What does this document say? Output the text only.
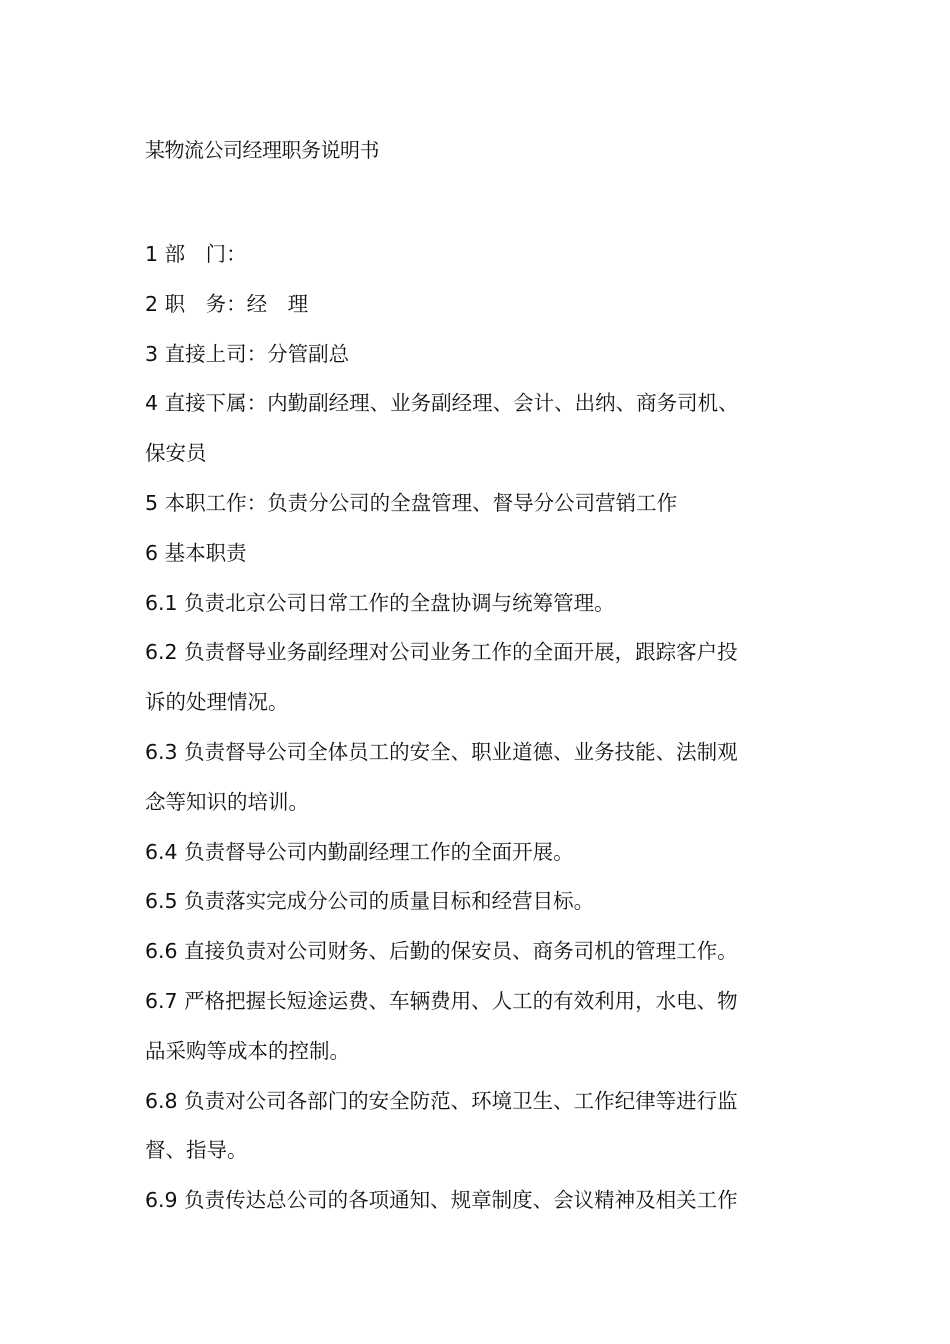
某物流公司经理职务说明书
1 部　门：
2 职　务：经　理
3 直接上司：分管副总
4 直接下属：内勤副经理、业务副经理、会计、出纳、商务司机、
保安员
5 本职工作：负责分公司的全盘管理、督导分公司营销工作
6 基本职责
6.1 负责北京公司日常工作的全盘协调与统筹管理。
6.2 负责督导业务副经理对公司业务工作的全面开展，跟踪客户投
诉的处理情况。
6.3 负责督导公司全体员工的安全、职业道德、业务技能、法制观
念等知识的培训。
6.4 负责督导公司内勤副经理工作的全面开展。
6.5 负责落实完成分公司的质量目标和经营目标。
6.6 直接负责对公司财务、后勤的保安员、商务司机的管理工作。
6.7 严格把握长短途运费、车辆费用、人工的有效利用，水电、物
品采购等成本的控制。
6.8 负责对公司各部门的安全防范、环境卫生、工作纪律等进行监
督、指导。
6.9 负责传达总公司的各项通知、规章制度、会议精神及相关工作
